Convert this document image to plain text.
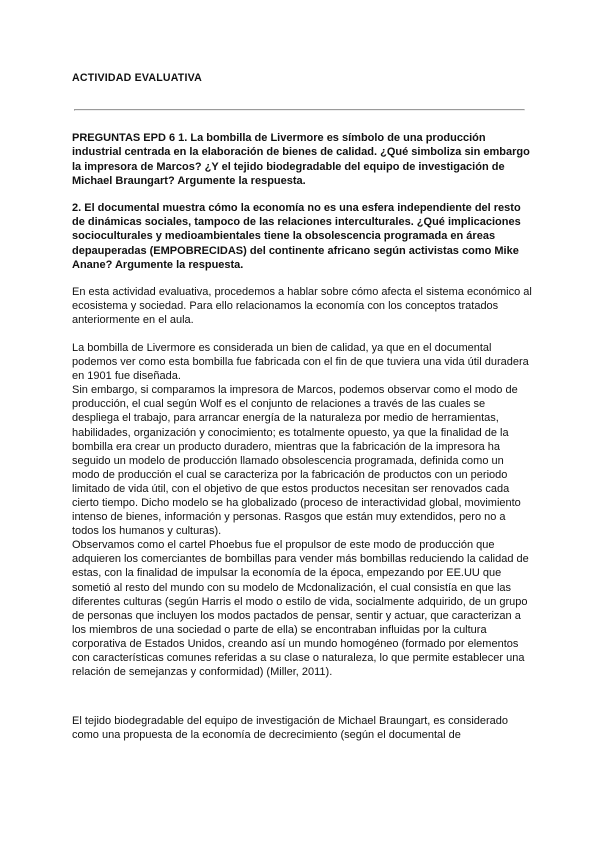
ACTIVIDAD EVALUATIVA

PREGUNTAS EPD 6 1. La bombilla de Livermore es símbolo de una producción industrial centrada en la elaboración de bienes de calidad. ¿Qué simboliza sin embargo la impresora de Marcos? ¿Y el tejido biodegradable del equipo de investigación de Michael Braungart? Argumente la respuesta.

2. El documental muestra cómo la economía no es una esfera independiente del resto de dinámicas sociales, tampoco de las relaciones interculturales. ¿Qué implicaciones socioculturales y medioambientales tiene la obsolescencia programada en áreas depauperadas (EMPOBRECIDAS) del continente africano según activistas como Mike Anane? Argumente la respuesta.

En esta actividad evaluativa, procedemos a hablar sobre cómo afecta el sistema económico al ecosistema y sociedad. Para ello relacionamos la economía con los conceptos tratados anteriormente en el aula.

La bombilla de Livermore es considerada un bien de calidad, ya que en el documental podemos ver como esta bombilla fue fabricada con el fin de que tuviera una vida útil duradera en 1901 fue diseñada.

Sin embargo, si comparamos la impresora de Marcos, podemos observar como el modo de producción, el cual según Wolf es el conjunto de relaciones a través de las cuales se despliega el trabajo, para arrancar energía de la naturaleza por medio de herramientas, habilidades, organización y conocimiento; es totalmente opuesto, ya que la finalidad de la bombilla era crear un producto duradero, mientras que la fabricación de la impresora ha seguido un modelo de producción llamado obsolescencia programada, definida como un modo de producción el cual se caracteriza por la fabricación de productos con un periodo limitado de vida útil, con el objetivo de que estos productos necesitan ser renovados cada cierto tiempo. Dicho modelo se ha globalizado (proceso de interactividad global, movimiento intenso de bienes, información y personas. Rasgos que están muy extendidos, pero no a todos los humanos y culturas).

Observamos como el cartel Phoebus fue el propulsor de este modo de producción que adquieren los comerciantes de bombillas para vender más bombillas reduciendo la calidad de estas, con la finalidad de impulsar la economía de la época, empezando por EE.UU que sometió al resto del mundo con su modelo de Mcdonalización, el cual consistía en que las diferentes culturas (según Harris el modo o estilo de vida, socialmente adquirido, de un grupo de personas que incluyen los modos pactados de pensar, sentir y actuar, que caracterizan a los miembros de una sociedad o parte de ella) se encontraban influidas por la cultura corporativa de Estados Unidos, creando así un mundo homogéneo (formado por elementos con características comunes referidas a su clase o naturaleza, lo que permite establecer una relación de semejanzas y conformidad) (Miller, 2011).

El tejido biodegradable del equipo de investigación de Michael Braungart, es considerado como una propuesta de la economía de decrecimiento (según el documental de
